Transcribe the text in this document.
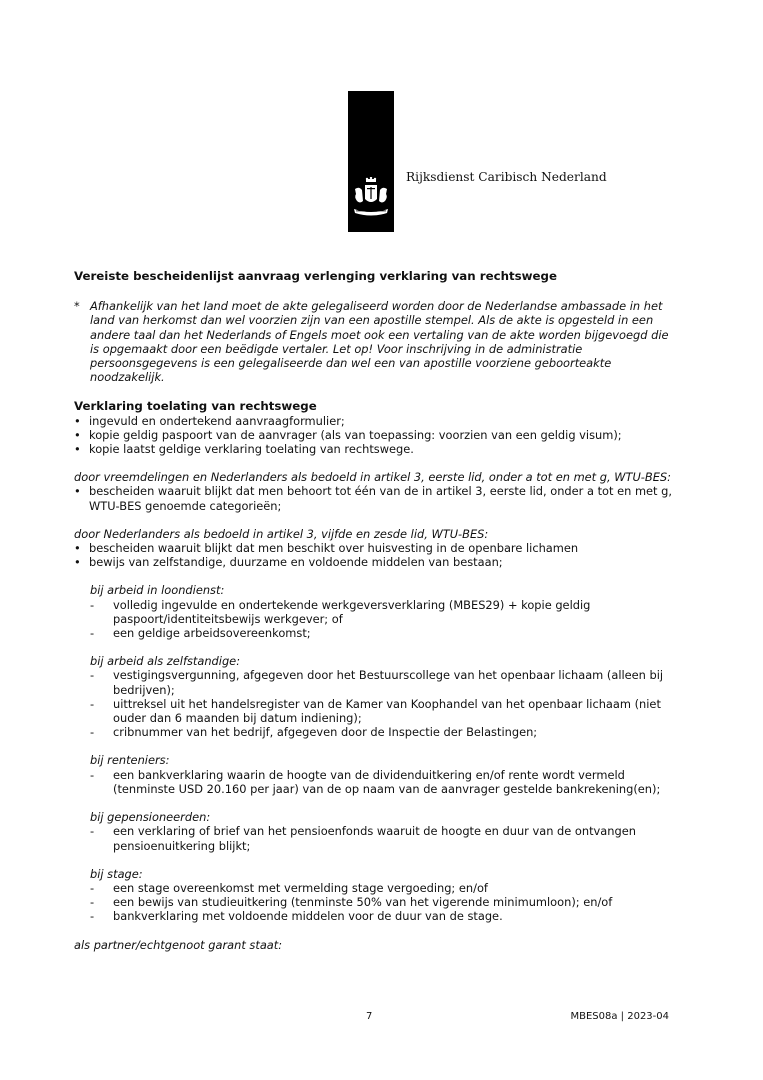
Rijksdienst Caribisch Nederland

Vereiste bescheidenlijst aanvraag verlenging verklaring van rechtswege

* Afhankelijk van het land moet de akte gelegaliseerd worden door de Nederlandse ambassade in het land van herkomst dan wel voorzien zijn van een apostille stempel. Als de akte is opgesteld in een andere taal dan het Nederlands of Engels moet ook een vertaling van de akte worden bijgevoegd die is opgemaakt door een beëdigde vertaler. Let op! Voor inschrijving in de administratie persoonsgegevens is een gelegaliseerde dan wel een van apostille voorziene geboorteakte noodzakelijk.

Verklaring toelating van rechtswege

• ingevuld en ondertekend aanvraagformulier;
• kopie geldig paspoort van de aanvrager (als van toepassing: voorzien van een geldig visum);
• kopie laatst geldige verklaring toelating van rechtswege.

door vreemdelingen en Nederlanders als bedoeld in artikel 3, eerste lid, onder a tot en met g, WTU-BES:

• bescheiden waaruit blijkt dat men behoort tot één van de in artikel 3, eerste lid, onder a tot en met g, WTU-BES genoemde categorieën;

door Nederlanders als bedoeld in artikel 3, vijfde en zesde lid, WTU-BES:

• bescheiden waaruit blijkt dat men beschikt over huisvesting in de openbare lichamen
• bewijs van zelfstandige, duurzame en voldoende middelen van bestaan;

bij arbeid in loondienst:

- volledig ingevulde en ondertekende werkgeversverklaring (MBES29) + kopie geldig paspoort/identiteitsbewijs werkgever; of
- een geldige arbeidsovereenkomst;

bij arbeid als zelfstandige:

- vestigingsvergunning, afgegeven door het Bestuurscollege van het openbaar lichaam (alleen bij bedrijven);
- uittreksel uit het handelsregister van de Kamer van Koophandel van het openbaar lichaam (niet ouder dan 6 maanden bij datum indiening);
- cribnummer van het bedrijf, afgegeven door de Inspectie der Belastingen;

bij renteniers:

- een bankverklaring waarin de hoogte van de dividenduitkering en/of rente wordt vermeld (tenminste USD 20.160 per jaar) van de op naam van de aanvrager gestelde bankrekening(en);

bij gepensioneerden:

- een verklaring of brief van het pensioenfonds waaruit de hoogte en duur van de ontvangen pensioenuitkering blijkt;

bij stage:

- een stage overeenkomst met vermelding stage vergoeding; en/of
- een bewijs van studieuitkering (tenminste 50% van het vigerende minimumloon); en/of
- bankverklaring met voldoende middelen voor de duur van de stage.

als partner/echtgenoot garant staat:

7	MBES08a | 2023-04
